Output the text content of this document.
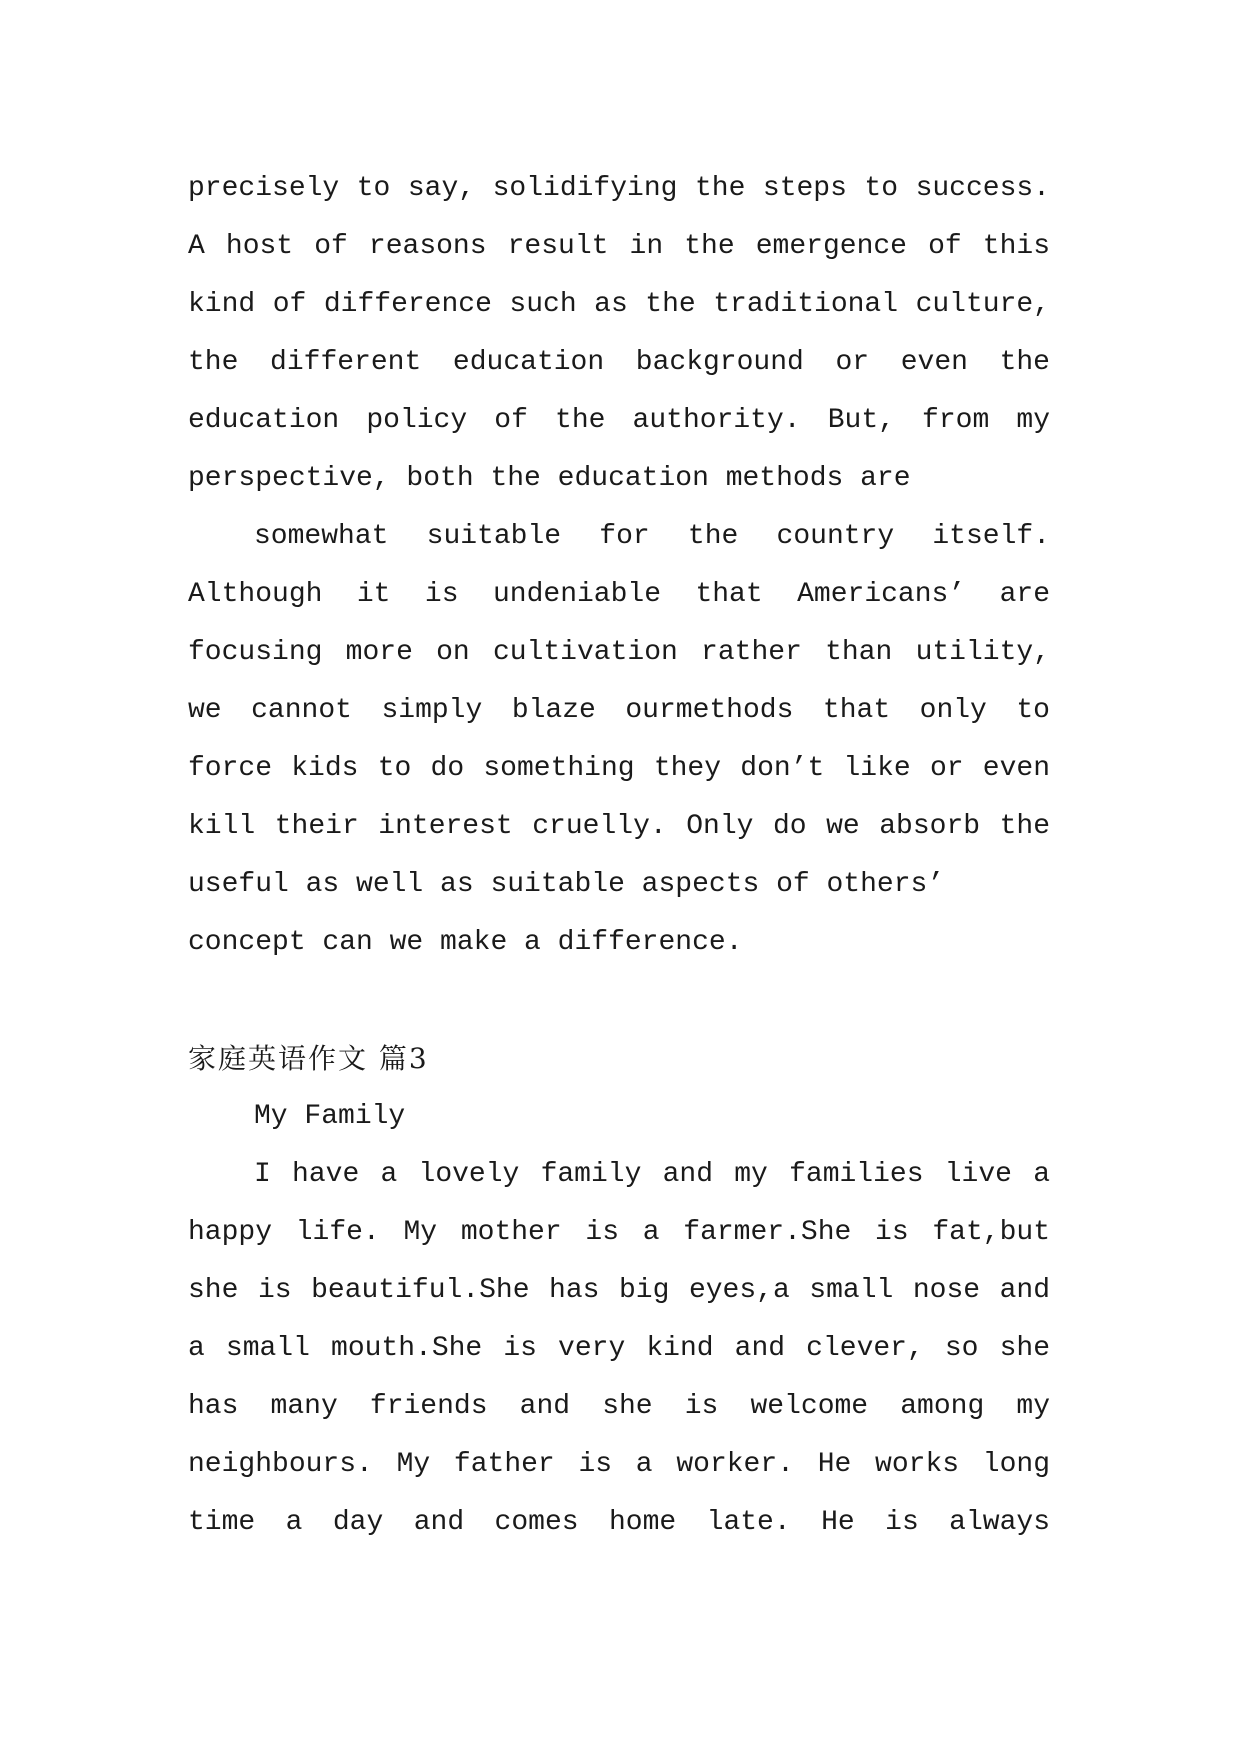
precisely to say, solidifying the steps to success.
A host of reasons result in the emergence of this
kind of difference such as the traditional culture,
the different education background or even the
education policy of the authority. But, from my
perspective, both the education methods are
somewhat suitable for the country itself.
Although it is undeniable that Americans’ are
focusing more on cultivation rather than utility,
we cannot simply blaze ourmethods that only to
force kids to do something they don’t like or even
kill their interest cruelly. Only do we absorb the
useful as well as suitable aspects of others’
concept can we make a difference.
家庭英语作文 篇3
My Family
I have a lovely family and my families live a
happy life. My mother is a farmer.She is fat,but
she is beautiful.She has big eyes,a small nose and
a small mouth.She is very kind and clever, so she
has many friends and she is welcome among my
neighbours. My father is a worker. He works long
time a day and comes home late. He is always
